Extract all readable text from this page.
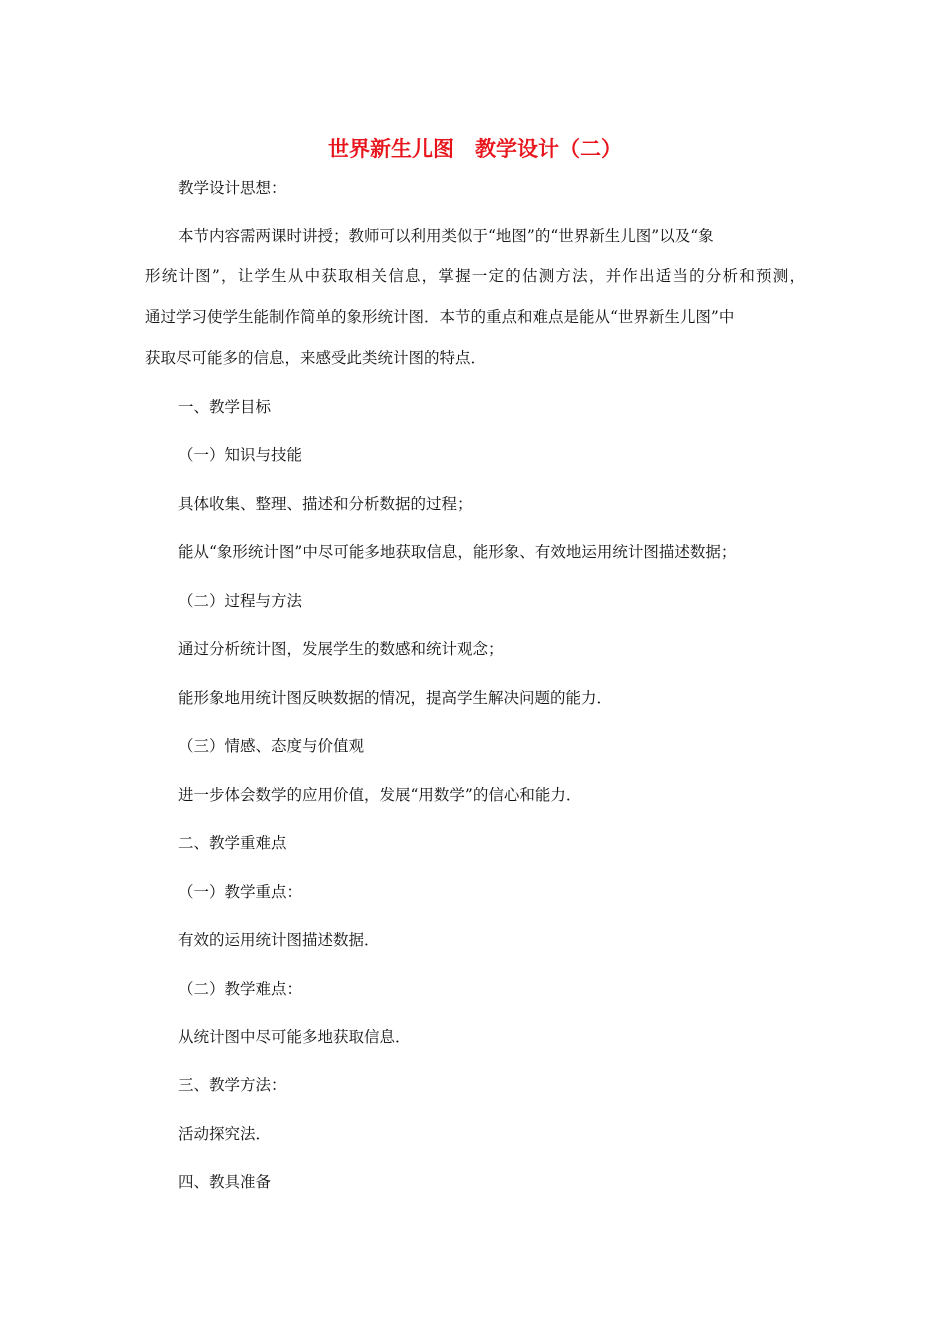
世界新生儿图　教学设计（二）
教学设计思想：
本节内容需两课时讲授；教师可以利用类似于“地图”的“世界新生儿图”以及“象
形统计图”，让学生从中获取相关信息，掌握一定的估测方法，并作出适当的分析和预测，
通过学习使学生能制作简单的象形统计图．本节的重点和难点是能从“世界新生儿图”中
获取尽可能多的信息，来感受此类统计图的特点．
一、教学目标
（一）知识与技能
具体收集、整理、描述和分析数据的过程；
能从“象形统计图”中尽可能多地获取信息，能形象、有效地运用统计图描述数据；
（二）过程与方法
通过分析统计图，发展学生的数感和统计观念；
能形象地用统计图反映数据的情况，提高学生解决问题的能力．
（三）情感、态度与价值观
进一步体会数学的应用价值，发展“用数学”的信心和能力．
二、教学重难点
（一）教学重点：
有效的运用统计图描述数据．
（二）教学难点：
从统计图中尽可能多地获取信息．
三、教学方法：
活动探究法．
四、教具准备
